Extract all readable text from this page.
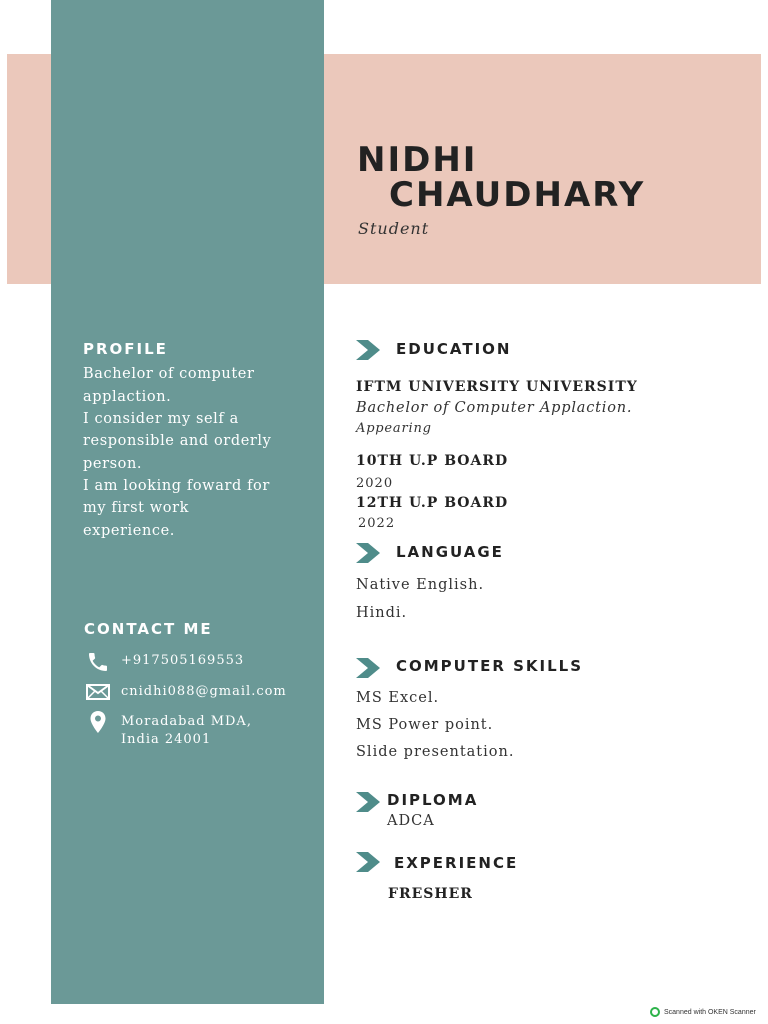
NIDHI
CHAUDHARY
Student
PROFILE
Bachelor of computer
applaction.
I consider my self a
responsible and orderly
person.
I am looking foward for
my first work
experience.
CONTACT ME
+917505169553
cnidhi088@gmail.com
Moradabad MDA,
India 24001
EDUCATION
IFTM UNIVERSITY UNIVERSITY
Bachelor of Computer Applaction.
Appearing
10TH U.P BOARD
2020
12TH U.P BOARD
2022
LANGUAGE
Native English.
Hindi.
COMPUTER SKILLS
MS Excel.
MS Power point.
Slide presentation.
DIPLOMA
ADCA
EXPERIENCE
FRESHER
Scanned with OKEN Scanner
